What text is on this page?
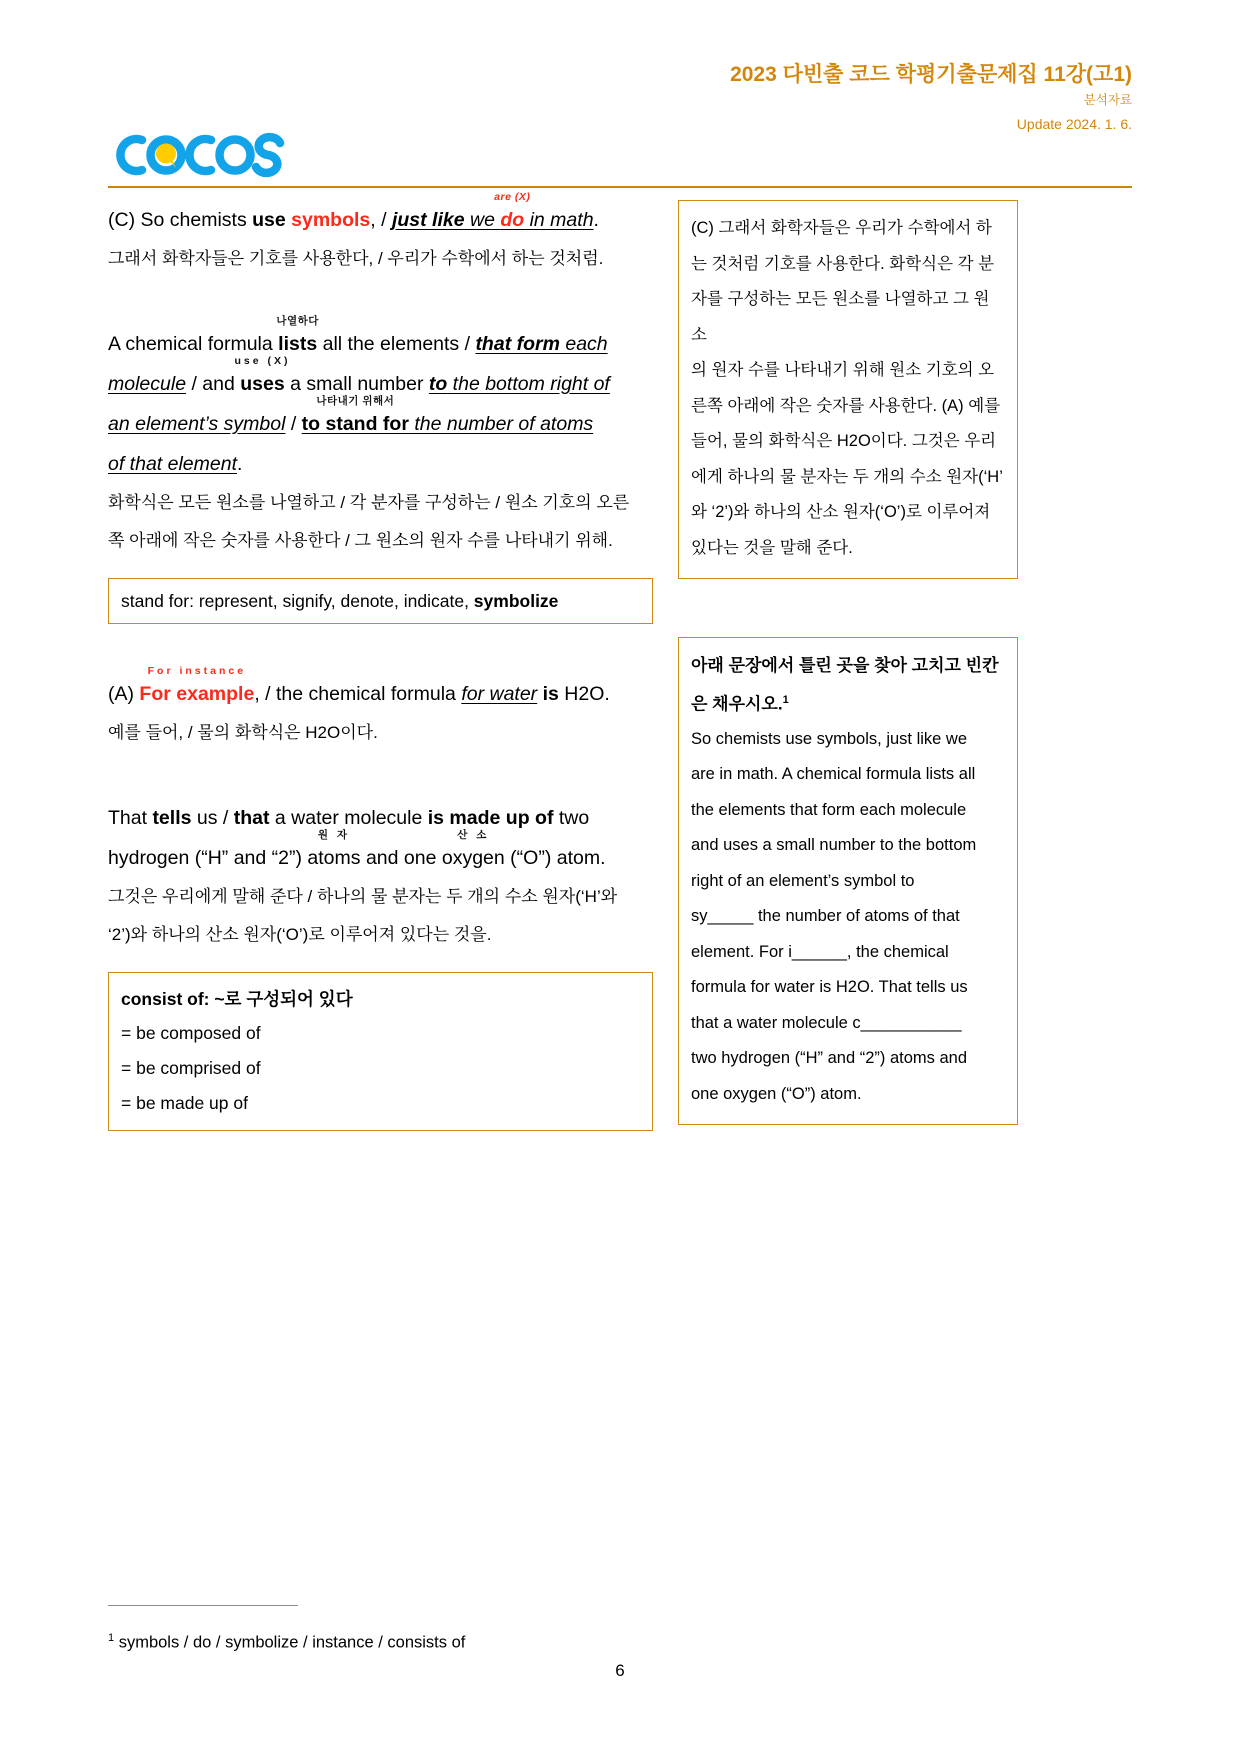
2023 다빈출 코드 학평기출문제집 11강(고1)
분석자료
Update 2024. 1. 6.
(C) So chemists use symbols, / just like we
are (X)
do in math.
그래서 화학자들은 기호를 사용한다, / 우리가 수학에서 하는 것처럼.
A chemical formula
나열하다
lists all the elements / that form each
molecule / and
use (X)
uses a small number to the bottom right of
an element’s symbol /
나타내기 위해서
to stand for the number of atoms
of that element.
화학식은 모든 원소를 나열하고 / 각 분자를 구성하는 / 원소 기호의 오른
쪽 아래에 작은 숫자를 사용한다 / 그 원소의 원자 수를 나타내기 위해.
stand for: represent, signify, denote, indicate, symbolize
(A)
For instance
For example, / the chemical formula for water is H2O.
예를 들어, / 물의 화학식은 H2O이다.
That tells us / that a water molecule is made up of two
hydrogen (“H” and “2”)
원 자
atoms and one
산 소
oxygen (“O”) atom.
그것은 우리에게 말해 준다 / 하나의 물 분자는 두 개의 수소 원자(‘H’와
‘2’)와 하나의 산소 원자(‘O’)로 이루어져 있다는 것을.
consist of: ~로 구성되어 있다
= be composed of
= be comprised of
= be made up of
(C) 그래서 화학자들은 우리가 수학에서 하
는 것처럼 기호를 사용한다. 화학식은 각 분
자를 구성하는 모든 원소를 나열하고 그 원소
의 원자 수를 나타내기 위해 원소 기호의 오
른쪽 아래에 작은 숫자를 사용한다. (A) 예를
들어, 물의 화학식은 H2O이다. 그것은 우리
에게 하나의 물 분자는 두 개의 수소 원자(‘H’
와 ‘2’)와 하나의 산소 원자(‘O’)로 이루어져
있다는 것을 말해 준다.
아래 문장에서 틀린 곳을 찾아 고치고 빈칸
은 채우시오.$^1$
So chemists use symbols, just like we
are in math. A chemical formula lists all
the elements that form each molecule
and uses a small number to the bottom
right of an element’s symbol to
sy_____ the number of atoms of that
element. For i______, the chemical
formula for water is H2O. That tells us
that a water molecule c___________
two hydrogen (“H” and “2”) atoms and
one oxygen (“O”) atom.
$^1$ symbols / do / symbolize / instance / consists of
6
